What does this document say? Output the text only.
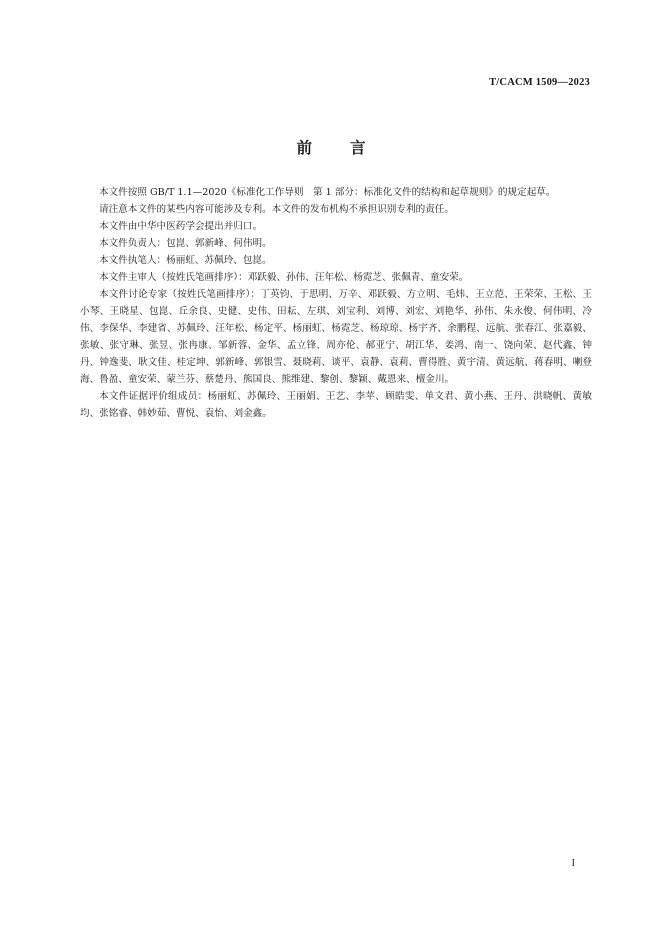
T/CACM 1509—2023
前言

本文件按照 GB/T 1.1—2020《标准化工作导则　第 1 部分：标准化文件的结构和起草规则》的规定起草。

请注意本文件的某些内容可能涉及专利。本文件的发布机构不承担识别专利的责任。

本文件由中华中医药学会提出并归口。

本文件负责人：包崑、郭新峰、何伟明。

本文件执笔人：杨丽虹、苏佩玲、包崑。

本文件主审人（按姓氏笔画排序）：邓跃毅、孙伟、汪年松、杨霓芝、张佩青、童安荣。

本文件讨论专家（按姓氏笔画排序）：丁英钧、于思明、万辛、邓跃毅、方立明、毛炜、王立范、王荣荣、王松、王小琴、王晓星、包崑、丘余良、史健、史伟、田耘、左琪、刘宝利、刘博、刘宏、刘艳华、孙伟、朱永俊、何伟明、冷伟、李保华、李建省、苏佩玲、汪年松、杨定平、杨丽虹、杨霓芝、杨琼琼、杨宇齐、余鹏程、远航、张春江、张嘉毅、张敏、张守琳、张昱、张冉康、邹新蓉、金华、孟立锋、周亦伦、郝亚宁、胡江华、姜鸿、南一、饶向荣、赵代鑫、钟丹、钟逸斐、耿文佳、桂定坤、郭新峰、郭银雪、聂晓莉、谈平、袁静、袁莉、曹得胜、黄宇清、黄远航、蒋春明、喇登海、鲁盈、童安荣、蒙兰芬、蔡楚丹、熊国良、熊维建、黎创、黎颖、戴恩来、檀金川。

本文件证据评价组成员：杨丽虹、苏佩玲、王丽娟、王艺、李苹、顾皓雯、单文君、黄小燕、王丹、洪晓帆、黄敏均、张铭睿、韩妙茹、曹悦、袁怡、刘金鑫。

I
